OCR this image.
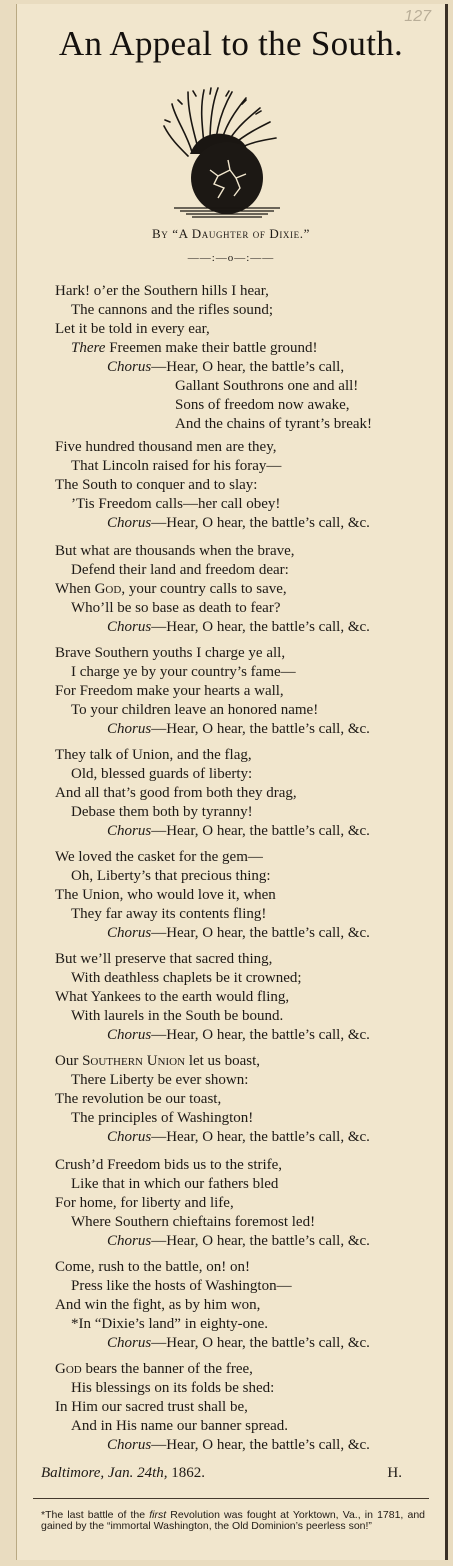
127
An Appeal to the South.
By “A Daughter of Dixie.”
——:—o—:——
Hark! o’er the Southern hills I hear,
The cannons and the rifles sound;
Let it be told in every ear,
There Freemen make their battle ground!
Chorus—Hear, O hear, the battle’s call,
Gallant Southrons one and all!
Sons of freedom now awake,
And the chains of tyrant’s break!
Five hundred thousand men are they,
That Lincoln raised for his foray—
The South to conquer and to slay:
’Tis Freedom calls—her call obey!
Chorus—Hear, O hear, the battle’s call, &c.
But what are thousands when the brave,
Defend their land and freedom dear:
When God, your country calls to save,
Who’ll be so base as death to fear?
Chorus—Hear, O hear, the battle’s call, &c.
Brave Southern youths I charge ye all,
I charge ye by your country’s fame—
For Freedom make your hearts a wall,
To your children leave an honored name!
Chorus—Hear, O hear, the battle’s call, &c.
They talk of Union, and the flag,
Old, blessed guards of liberty:
And all that’s good from both they drag,
Debase them both by tyranny!
Chorus—Hear, O hear, the battle’s call, &c.
We loved the casket for the gem—
Oh, Liberty’s that precious thing:
The Union, who would love it, when
They far away its contents fling!
Chorus—Hear, O hear, the battle’s call, &c.
But we’ll preserve that sacred thing,
With deathless chaplets be it crowned;
What Yankees to the earth would fling,
With laurels in the South be bound.
Chorus—Hear, O hear, the battle’s call, &c.
Our Southern Union let us boast,
There Liberty be ever shown:
The revolution be our toast,
The principles of Washington!
Chorus—Hear, O hear, the battle’s call, &c.
Crush’d Freedom bids us to the strife,
Like that in which our fathers bled
For home, for liberty and life,
Where Southern chieftains foremost led!
Chorus—Hear, O hear, the battle’s call, &c.
Come, rush to the battle, on! on!
Press like the hosts of Washington—
And win the fight, as by him won,
*In “Dixie’s land” in eighty-one.
Chorus—Hear, O hear, the battle’s call, &c.
God bears the banner of the free,
His blessings on its folds be shed:
In Him our sacred trust shall be,
And in His name our banner spread.
Chorus—Hear, O hear, the battle’s call, &c.
Baltimore, Jan. 24th, 1862.	H.
*The last battle of the first Revolution was fought at Yorktown, Va., in 1781, and gained by the “immortal Washington, the Old Dominion’s peerless son!”
